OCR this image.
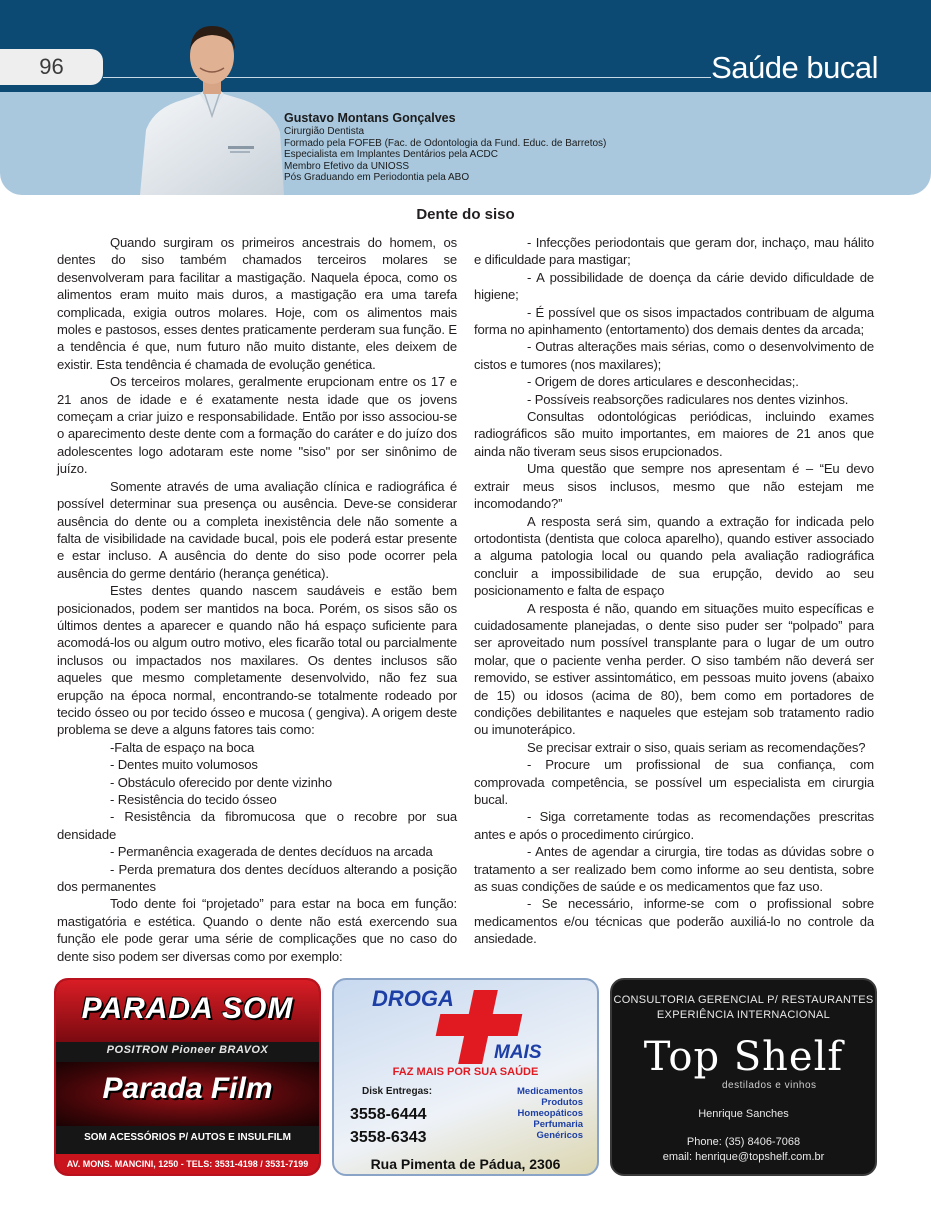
96	Saúde bucal
Gustavo Montans Gonçalves
Cirurgião Dentista
Formado pela FOFEB (Fac. de Odontologia da Fund. Educ. de Barretos)
Especialista em Implantes Dentários pela ACDC
Membro Efetivo da UNIOSS
Pós Graduando em Periodontia pela ABO
Dente do siso

Quando surgiram os primeiros ancestrais do homem, os dentes do siso também chamados terceiros molares se desenvolveram para facilitar a mastigação. Naquela época, como os alimentos eram muito mais duros, a mastigação era uma tarefa complicada, exigia outros molares. Hoje, com os alimentos mais moles e pastosos, esses dentes praticamente perderam sua função. E a tendência é que, num futuro não muito distante, eles deixem de existir. Esta tendência é chamada de evolução genética.

Os terceiros molares, geralmente erupcionam entre os 17 e 21 anos de idade e é exatamente nesta idade que os jovens começam a criar juizo e responsabilidade. Então por isso associou-se o aparecimento deste dente com a formação do caráter e do juízo dos adolescentes logo adotaram este nome "siso" por ser sinônimo de juízo.

Somente através de uma avaliação clínica e radiográfica é possível determinar sua presença ou ausência. Deve-se considerar ausência do dente ou a completa inexistência dele não somente a falta de visibilidade na cavidade bucal, pois ele poderá estar presente e estar incluso. A ausência do dente do siso pode ocorrer pela ausência do germe dentário (herança genética).

Estes dentes quando nascem saudáveis e estão bem posicionados, podem ser mantidos na boca. Porém, os sisos são os últimos dentes a aparecer e quando não há espaço suficiente para acomodá-los ou algum outro motivo, eles ficarão total ou parcialmente inclusos ou impactados nos maxilares. Os dentes inclusos são aqueles que mesmo completamente desenvolvido, não fez sua erupção na época normal, encontrando-se totalmente rodeado por tecido ósseo ou por tecido ósseo e mucosa ( gengiva). A origem deste problema se deve a alguns fatores tais como:

-Falta de espaço na boca

- Dentes muito volumosos

- Obstáculo oferecido por dente vizinho

- Resistência do tecido ósseo

- Resistência da fibromucosa que o recobre por sua densidade

- Permanência exagerada de dentes decíduos na arcada

- Perda prematura dos dentes decíduos alterando a posição dos permanentes

Todo dente foi “projetado” para estar na boca em função: mastigatória e estética. Quando o dente não está exercendo sua função ele pode gerar uma série de complicações que no caso do dente siso podem ser diversas como por exemplo:

- Infecções periodontais que geram dor, inchaço, mau hálito e dificuldade para mastigar;

- A possibilidade de doença da cárie devido dificuldade de higiene;

- É possível que os sisos impactados contribuam de alguma forma no apinhamento (entortamento) dos demais dentes da arcada;

- Outras alterações mais sérias, como o desenvolvimento de cistos e tumores (nos maxilares);

- Origem de dores articulares e desconhecidas;.

- Possíveis reabsorções radiculares nos dentes vizinhos.

Consultas odontológicas periódicas, incluindo exames radiográficos são muito importantes, em maiores de 21 anos que ainda não tiveram seus sisos erupcionados.

Uma questão que sempre nos apresentam é – “Eu devo extrair meus sisos inclusos, mesmo que não estejam me incomodando?”

A resposta será sim, quando a extração for indicada pelo ortodontista (dentista que coloca aparelho), quando estiver associado a alguma patologia local ou quando pela avaliação radiográfica concluir a impossibilidade de sua erupção, devido ao seu posicionamento e falta de espaço

A resposta é não, quando em situações muito específicas e cuidadosamente planejadas, o dente siso puder ser “polpado” para ser aproveitado num possível transplante para o lugar de um outro molar, que o paciente venha perder. O siso também não deverá ser removido, se estiver assintomático, em pessoas muito jovens (abaixo de 15) ou idosos (acima de 80), bem como em portadores de condições debilitantes e naqueles que estejam sob tratamento radio ou imunoterápico.

Se precisar extrair o siso, quais seriam as recomendações?

- Procure um profissional de sua confiança, com comprovada competência, se possível um especialista em cirurgia bucal.

- Siga corretamente todas as recomendações prescritas antes e após o procedimento cirúrgico.

- Antes de agendar a cirurgia, tire todas as dúvidas sobre o tratamento a ser realizado bem como informe ao seu dentista, sobre as suas condições de saúde e os medicamentos que faz uso.

- Se necessário, informe-se com o profissional sobre medicamentos e/ou técnicas que poderão auxiliá-lo no controle da ansiedade.

PARADA SOM
POSITRON Pioneer BRAVOX
Parada Film
SOM ACESSÓRIOS P/ AUTOS E INSULFILM
AV. MONS. MANCINI, 1250 - TELS: 3531-4198 / 3531-7199
DROGA
MAIS
FAZ MAIS POR SUA SAÚDE
Disk Entregas:
3558-6444
3558-6343
Medicamentos
Produtos
Homeopáticos
Perfumaria
Genéricos
Rua Pimenta de Pádua, 2306
CONSULTORIA GERENCIAL P/ RESTAURANTES
EXPERIÊNCIA INTERNACIONAL
Top Shelf
destilados e vinhos
Henrique Sanches
Phone: (35) 8406-7068
email: henrique@topshelf.com.br
